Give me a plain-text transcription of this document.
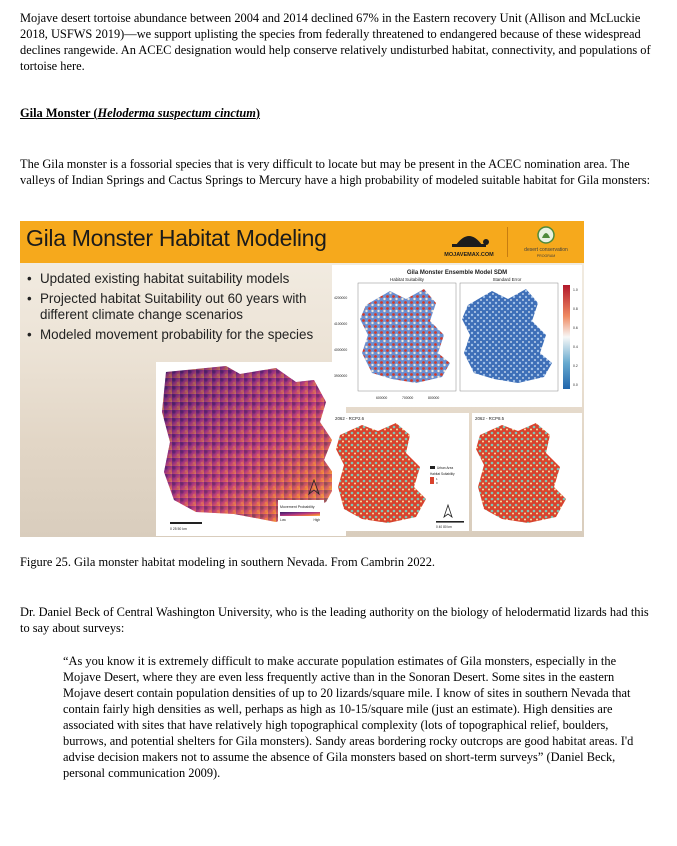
Mojave desert tortoise abundance between 2004 and 2014 declined 67% in the Eastern recovery Unit (Allison and McLuckie 2018, USFWS 2019)—we support uplisting the species from federally threatened to endangered because of these widespread declines rangewide. An ACEC designation would help conserve relatively undisturbed habitat, connectivity, and populations of tortoise here.

Gila Monster (Heloderma suspectum cinctum)

The Gila monster is a fossorial species that is very difficult to locate but may be present in the ACEC nomination area. The valleys of Indian Springs and Cactus Springs to Mercury have a high probability of modeled suitable habitat for Gila monsters:

Gila Monster Habitat Modeling
MOJAVEMAX.COM
desert conservation
PROGRAM
• Updated existing habitat suitability models
• Projected habitat Suitability out 60 years with different climate change scenarios
• Modeled movement probability for the species
Movement Probability
Low	High
0 25 50 km
Gila Monster Ensemble Model SDM
Habitat Suitability	Standard Error
1.0
0.8
0.6
0.4
0.2
0.0
4200000
4100000
4000000
3900000
600000	700000	800000
2062 - RCP2.6
Urban Area
Habitat Suitability
1
0
0 40 80 km
2062 - RCP8.5

Figure 25. Gila monster habitat modeling in southern Nevada. From Cambrin 2022.

Dr. Daniel Beck of Central Washington University, who is the leading authority on the biology of helodermatid lizards had this to say about surveys:

“As you know it is extremely difficult to make accurate population estimates of Gila monsters, especially in the Mojave Desert, where they are even less frequently active than in the Sonoran Desert. Some sites in the eastern Mojave desert contain population densities of up to 20 lizards/square mile. I know of sites in southern Nevada that contain fairly high densities as well, perhaps as high as 10-15/square mile (just an estimate). High densities are associated with sites that have relatively high topographical complexity (lots of topographical relief, boulders, burrows, and potential shelters for Gila monsters). Sandy areas bordering rocky outcrops are good habitat areas. I'd advise decision makers not to assume the absence of Gila monsters based on short-term surveys” (Daniel Beck, personal communication 2009).
